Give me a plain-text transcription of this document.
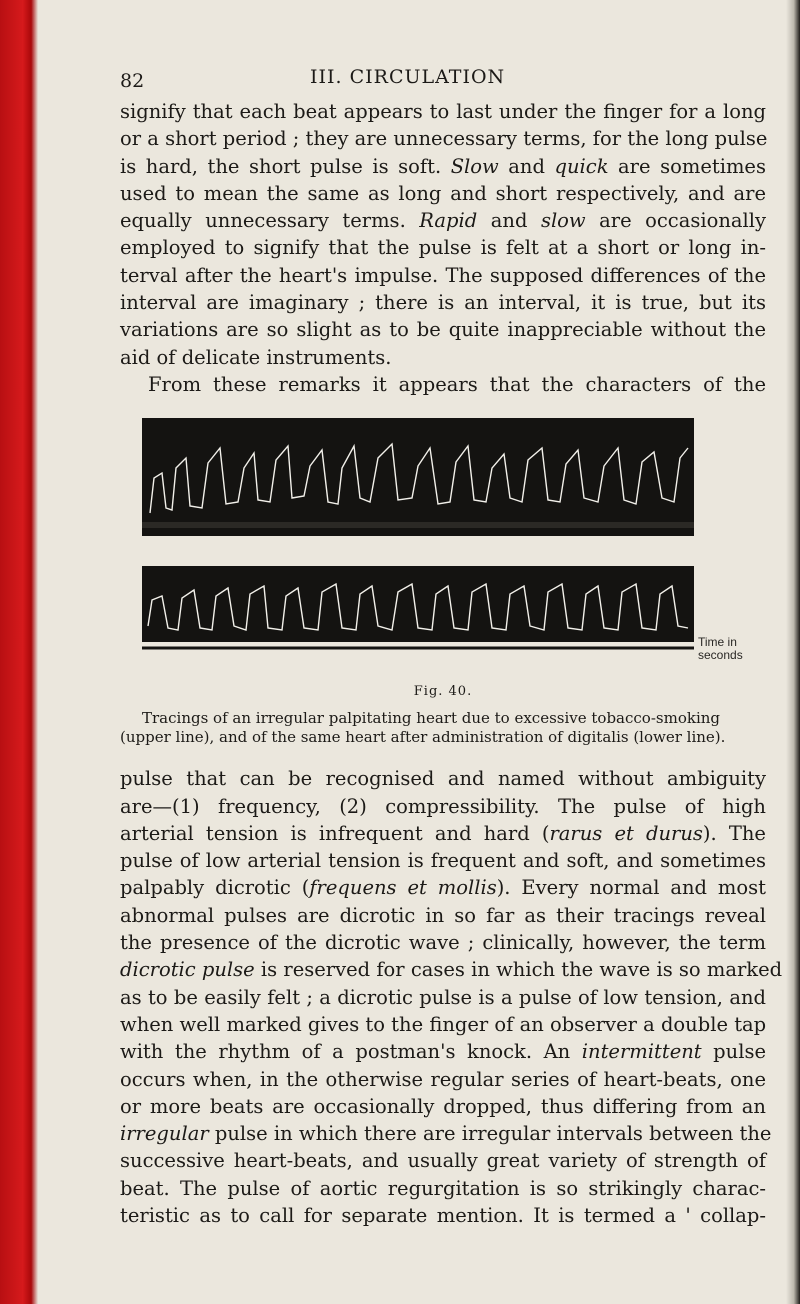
82	III. CIRCULATION

signify that each beat appears to last under the finger for a long
or a short period ; they are unnecessary terms, for the long pulse
is hard, the short pulse is soft. Slow and quick are sometimes
used to mean the same as long and short respectively, and are
equally unnecessary terms. Rapid and slow are occasionally
employed to signify that the pulse is felt at a short or long in-
terval after the heart's impulse. The supposed differences of the
interval are imaginary ; there is an interval, it is true, but its
variations are so slight as to be quite inappreciable without the
aid of delicate instruments.
From these remarks it appears that the characters of the

Time in
seconds
Fig. 40.
Tracings of an irregular palpitating heart due to excessive tobacco-smoking
(upper line), and of the same heart after administration of digitalis (lower line).

pulse that can be recognised and named without ambiguity
are—(1) frequency, (2) compressibility. The pulse of high
arterial tension is infrequent and hard (rarus et durus). The
pulse of low arterial tension is frequent and soft, and sometimes
palpably dicrotic (frequens et mollis). Every normal and most
abnormal pulses are dicrotic in so far as their tracings reveal
the presence of the dicrotic wave ; clinically, however, the term
dicrotic pulse is reserved for cases in which the wave is so marked
as to be easily felt ; a dicrotic pulse is a pulse of low tension, and
when well marked gives to the finger of an observer a double tap
with the rhythm of a postman's knock. An intermittent pulse
occurs when, in the otherwise regular series of heart-beats, one
or more beats are occasionally dropped, thus differing from an
irregular pulse in which there are irregular intervals between the
successive heart-beats, and usually great variety of strength of
beat. The pulse of aortic regurgitation is so strikingly charac-
teristic as to call for separate mention. It is termed a ' collap-
